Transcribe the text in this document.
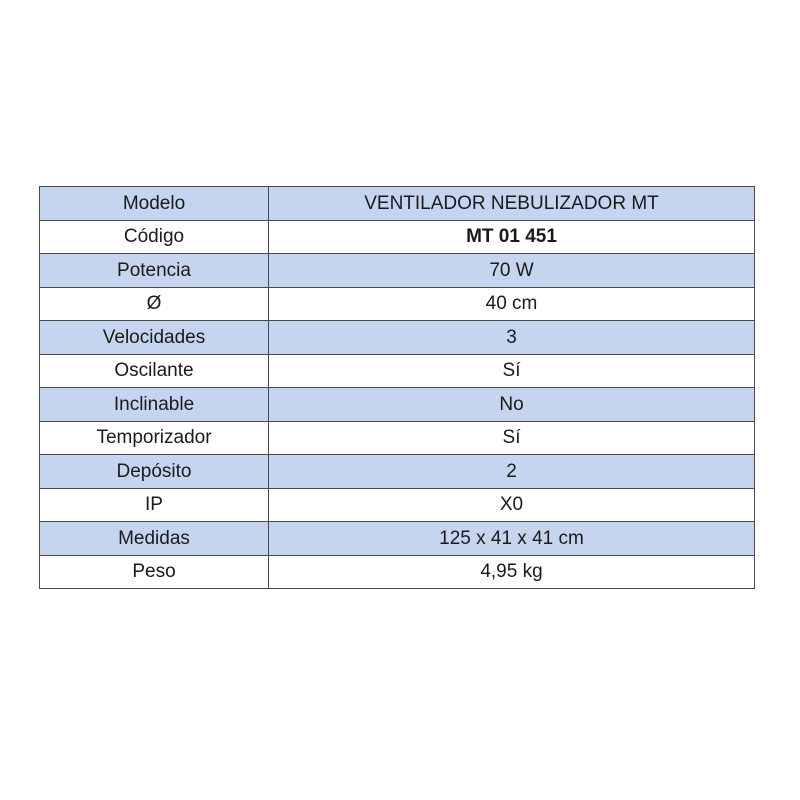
Modelo	VENTILADOR NEBULIZADOR MT
Código	MT 01 451
Potencia	70 W
Ø	40 cm
Velocidades	3
Oscilante	Sí
Inclinable	No
Temporizador	Sí
Depósito	2
IP	X0
Medidas	125 x 41 x 41 cm
Peso	4,95 kg
